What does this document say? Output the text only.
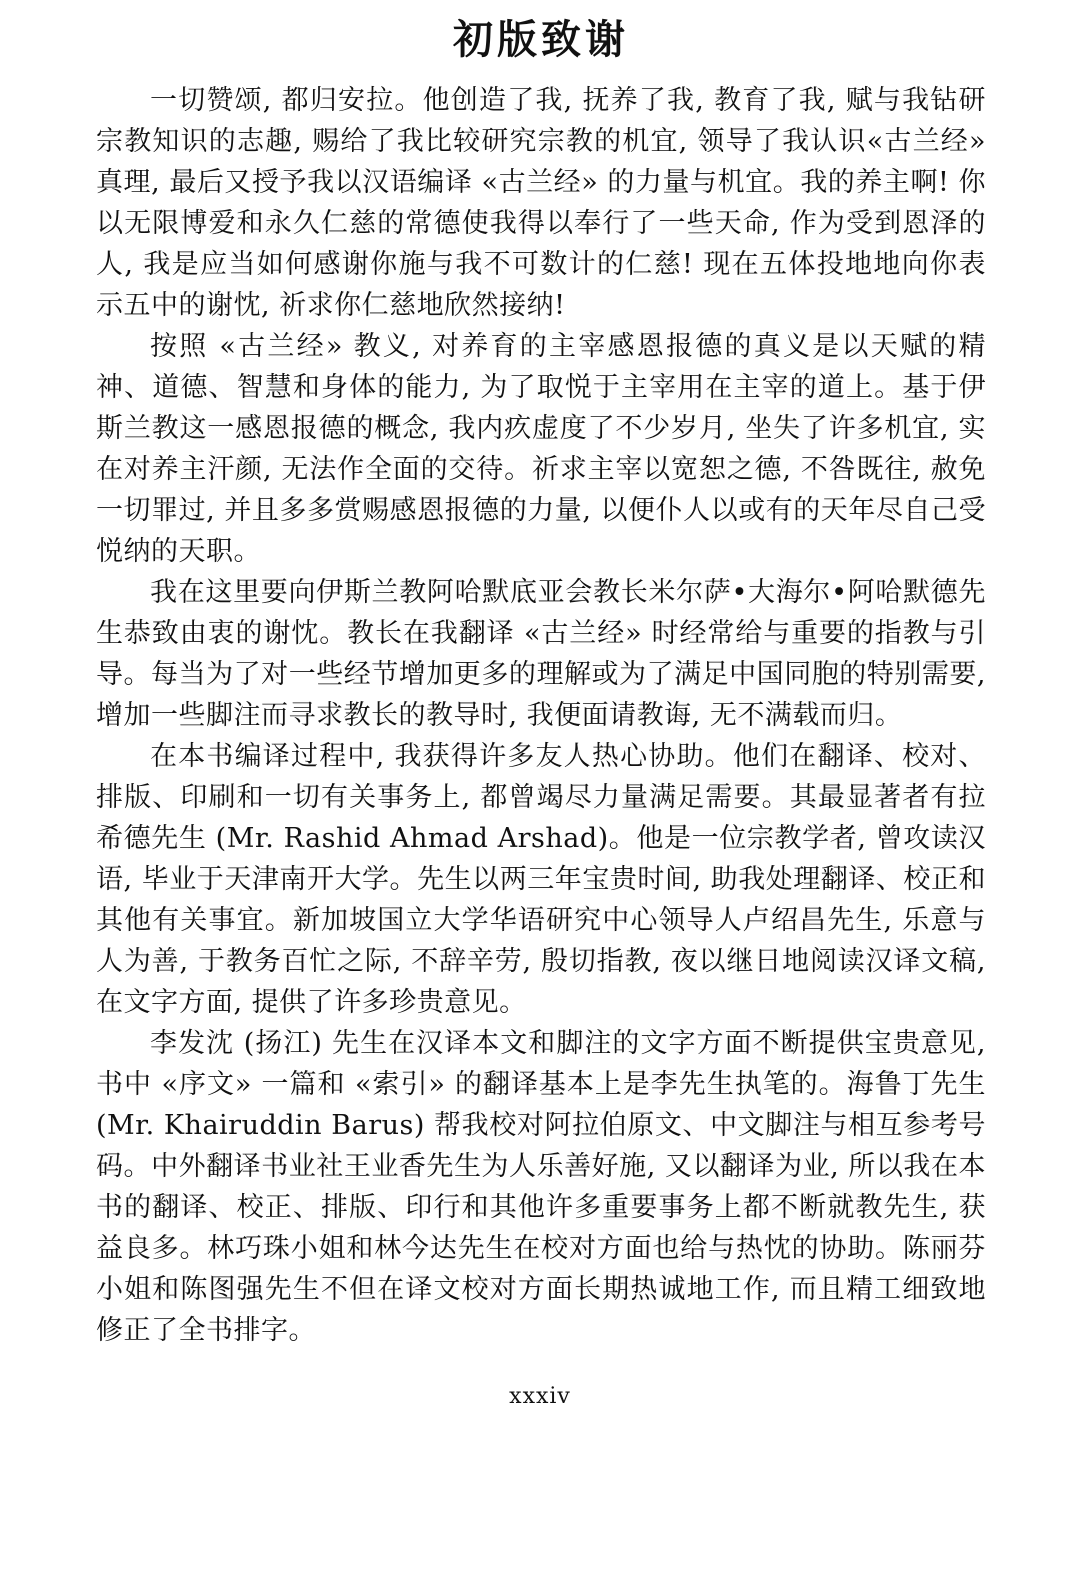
初版致谢

一切赞颂, 都归安拉。他创造了我, 抚养了我, 教育了我, 赋与我钻研宗教知识的志趣, 赐给了我比较研究宗教的机宜, 领导了我认识«古兰经» 真理, 最后又授予我以汉语编译 «古兰经» 的力量与机宜。我的养主啊! 你以无限博爱和永久仁慈的常德使我得以奉行了一些天命, 作为受到恩泽的人, 我是应当如何感谢你施与我不可数计的仁慈! 现在五体投地地向你表示五中的谢忱, 祈求你仁慈地欣然接纳!

按照 «古兰经» 教义, 对养育的主宰感恩报德的真义是以天赋的精神、道德、智慧和身体的能力, 为了取悦于主宰用在主宰的道上。基于伊斯兰教这一感恩报德的概念, 我内疚虚度了不少岁月, 坐失了许多机宜, 实在对养主汗颜, 无法作全面的交待。祈求主宰以宽恕之德, 不咎既往, 赦免一切罪过, 并且多多赏赐感恩报德的力量, 以便仆人以或有的天年尽自己受悦纳的天职。

我在这里要向伊斯兰教阿哈默底亚会教长米尔萨•大海尔•阿哈默德先生恭致由衷的谢忱。教长在我翻译 «古兰经» 时经常给与重要的指教与引导。每当为了对一些经节增加更多的理解或为了满足中国同胞的特别需要, 增加一些脚注而寻求教长的教导时, 我便面请教诲, 无不满载而归。

在本书编译过程中, 我获得许多友人热心协助。他们在翻译、校对、排版、印刷和一切有关事务上, 都曾竭尽力量满足需要。其最显著者有拉希德先生 (Mr. Rashid Ahmad Arshad)。他是一位宗教学者, 曾攻读汉语, 毕业于天津南开大学。先生以两三年宝贵时间, 助我处理翻译、校正和其他有关事宜。新加坡国立大学华语研究中心领导人卢绍昌先生, 乐意与人为善, 于教务百忙之际, 不辞辛劳, 殷切指教, 夜以继日地阅读汉译文稿, 在文字方面, 提供了许多珍贵意见。

李发沈 (扬江) 先生在汉译本文和脚注的文字方面不断提供宝贵意见, 书中 «序文» 一篇和 «索引» 的翻译基本上是李先生执笔的。海鲁丁先生 (Mr. Khairuddin Barus) 帮我校对阿拉伯原文、中文脚注与相互参考号码。中外翻译书业社王业香先生为人乐善好施, 又以翻译为业, 所以我在本书的翻译、校正、排版、印行和其他许多重要事务上都不断就教先生, 获益良多。林巧珠小姐和林今达先生在校对方面也给与热忱的协助。陈丽芬小姐和陈图强先生不但在译文校对方面长期热诚地工作, 而且精工细致地修正了全书排字。

xxxiv
